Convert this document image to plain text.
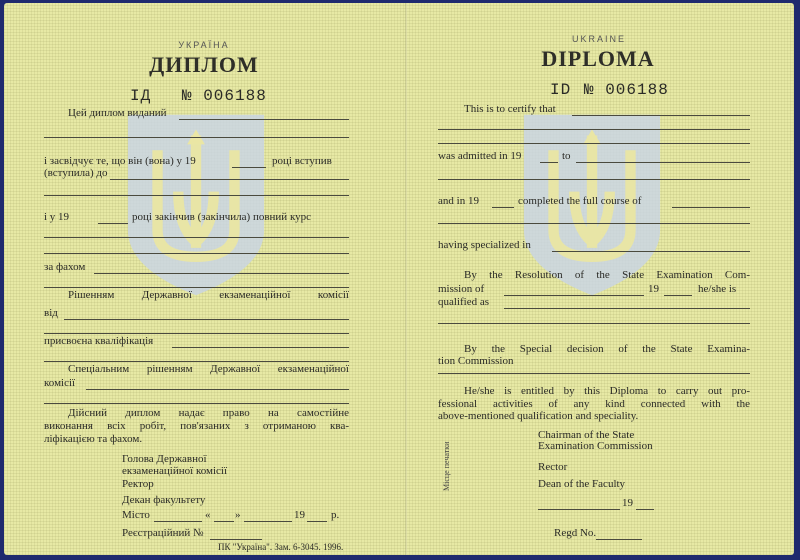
УКРАЇНА
ДИПЛОМ
ІД № 006188
Цей диплом виданий
і засвідчує те, що він (вона) у 19	році вступив
(вступила) до
і у 19	році закінчив (закінчила) повний курс
за фахом
Рішенням Державної екзаменаційної комісії
від
присвоєна кваліфікація
Спеціальним рішенням Державної екзаменаційної
комісії
Дійсний диплом надає право на самостійне
виконання всіх робіт, пов'язаних з отриманою ква-
ліфікацією та фахом.
Голова Державної
екзаменаційної комісії
Ректор
Декан факультету
Місто	« »	19 р.
Реєстраційний №
ПК "Україна". Зам. 6-3045. 1996.
UKRAINE
DIPLOMA
ID № 006188
This is to certify that
was admitted in 19	to
and in 19	completed the full course of
having specialized in
By the Resolution of the State Examination Com-
mission of	19	he/she is
qualified as
By the Special decision of the State Examina-
tion Commission
He/she is entitled by this Diploma to carry out pro-
fessional activities of any kind connected with the
above-mentioned qualification and speciality.
Chairman of the State
Examination Commission
Rector
Dean of the Faculty
19
Regd No.
Місце печатки
